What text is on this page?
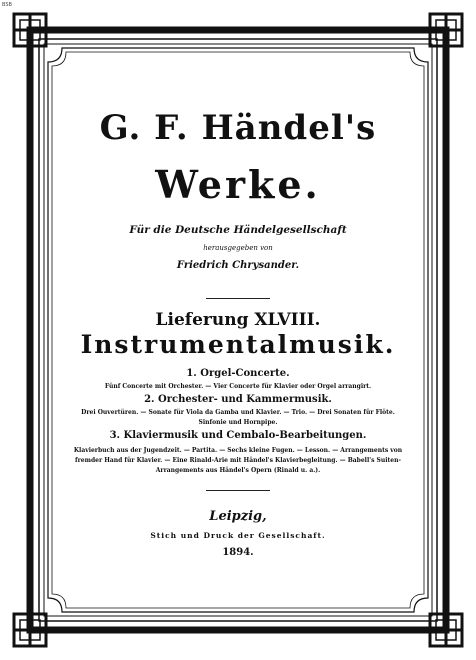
BSB
G. F. Händel's
Werke.
Für die Deutsche Händelgesellschaft
herausgegeben von
Friedrich Chrysander.
Lieferung XLVIII.
Instrumentalmusik.
1. Orgel-Concerte.
Fünf Concerte mit Orchester. — Vier Concerte für Klavier oder Orgel arrangirt.
2. Orchester- und Kammermusik.
Drei Ouvertüren. — Sonate für Viola da Gamba und Klavier. — Trio. — Drei Sonaten für Flöte.
Sinfonie und Hornpipe.
3. Klaviermusik und Cembalo-Bearbeitungen.
Klavierbuch aus der Jugendzeit. — Partita. — Sechs kleine Fugen. — Lesson. — Arrangements von
fremder Hand für Klavier. — Eine Rinald-Arie mit Händel's Klavierbegleitung. — Babell's Suiten-
Arrangements aus Händel's Opern (Rinald u. a.).
Leipzig,
Stich und Druck der Gesellschaft.
1894.
